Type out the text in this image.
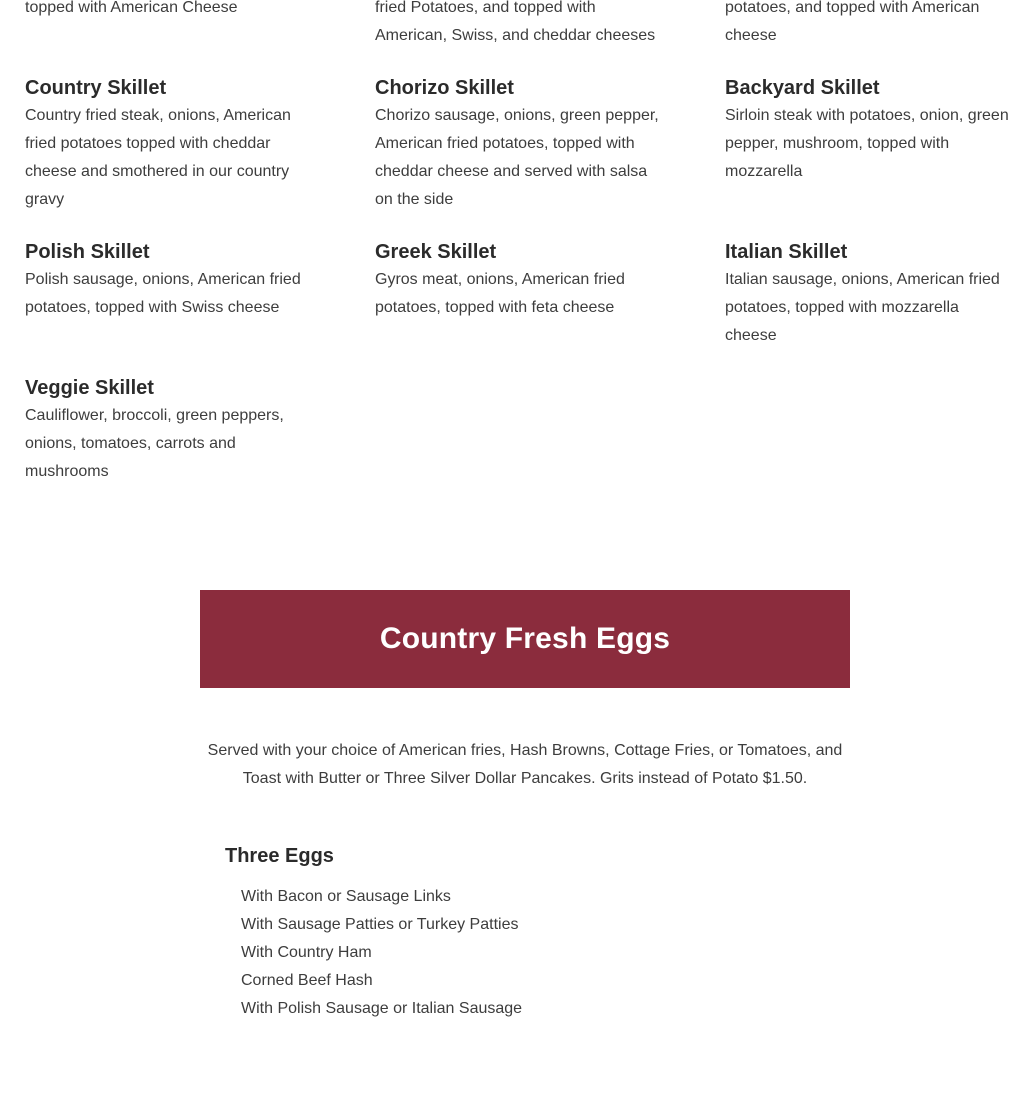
topped with American Cheese	fried Potatoes, and topped with American, Swiss, and cheddar cheeses
potatoes, and topped with American cheese
Country Skillet

Country fried steak, onions, American fried potatoes topped with cheddar cheese and smothered in our country gravy

Chorizo Skillet

Chorizo sausage, onions, green pepper, American fried potatoes, topped with cheddar cheese and served with salsa on the side

Backyard Skillet

Sirloin steak with potatoes, onion, green pepper, mushroom, topped with mozzarella

Polish Skillet

Polish sausage, onions, American fried potatoes, topped with Swiss cheese

Greek Skillet

Gyros meat, onions, American fried potatoes, topped with feta cheese

Italian Skillet

Italian sausage, onions, American fried potatoes, topped with mozzarella cheese

Veggie Skillet

Cauliflower, broccoli, green peppers, onions, tomatoes, carrots and mushrooms

Country Fresh Eggs
Served with your choice of American fries, Hash Browns, Cottage Fries, or Tomatoes, and Toast with Butter or Three Silver Dollar Pancakes. Grits instead of Potato $1.50.
Three Eggs
With Bacon or Sausage Links
With Sausage Patties or Turkey Patties
With Country Ham
Corned Beef Hash
With Polish Sausage or Italian Sausage
